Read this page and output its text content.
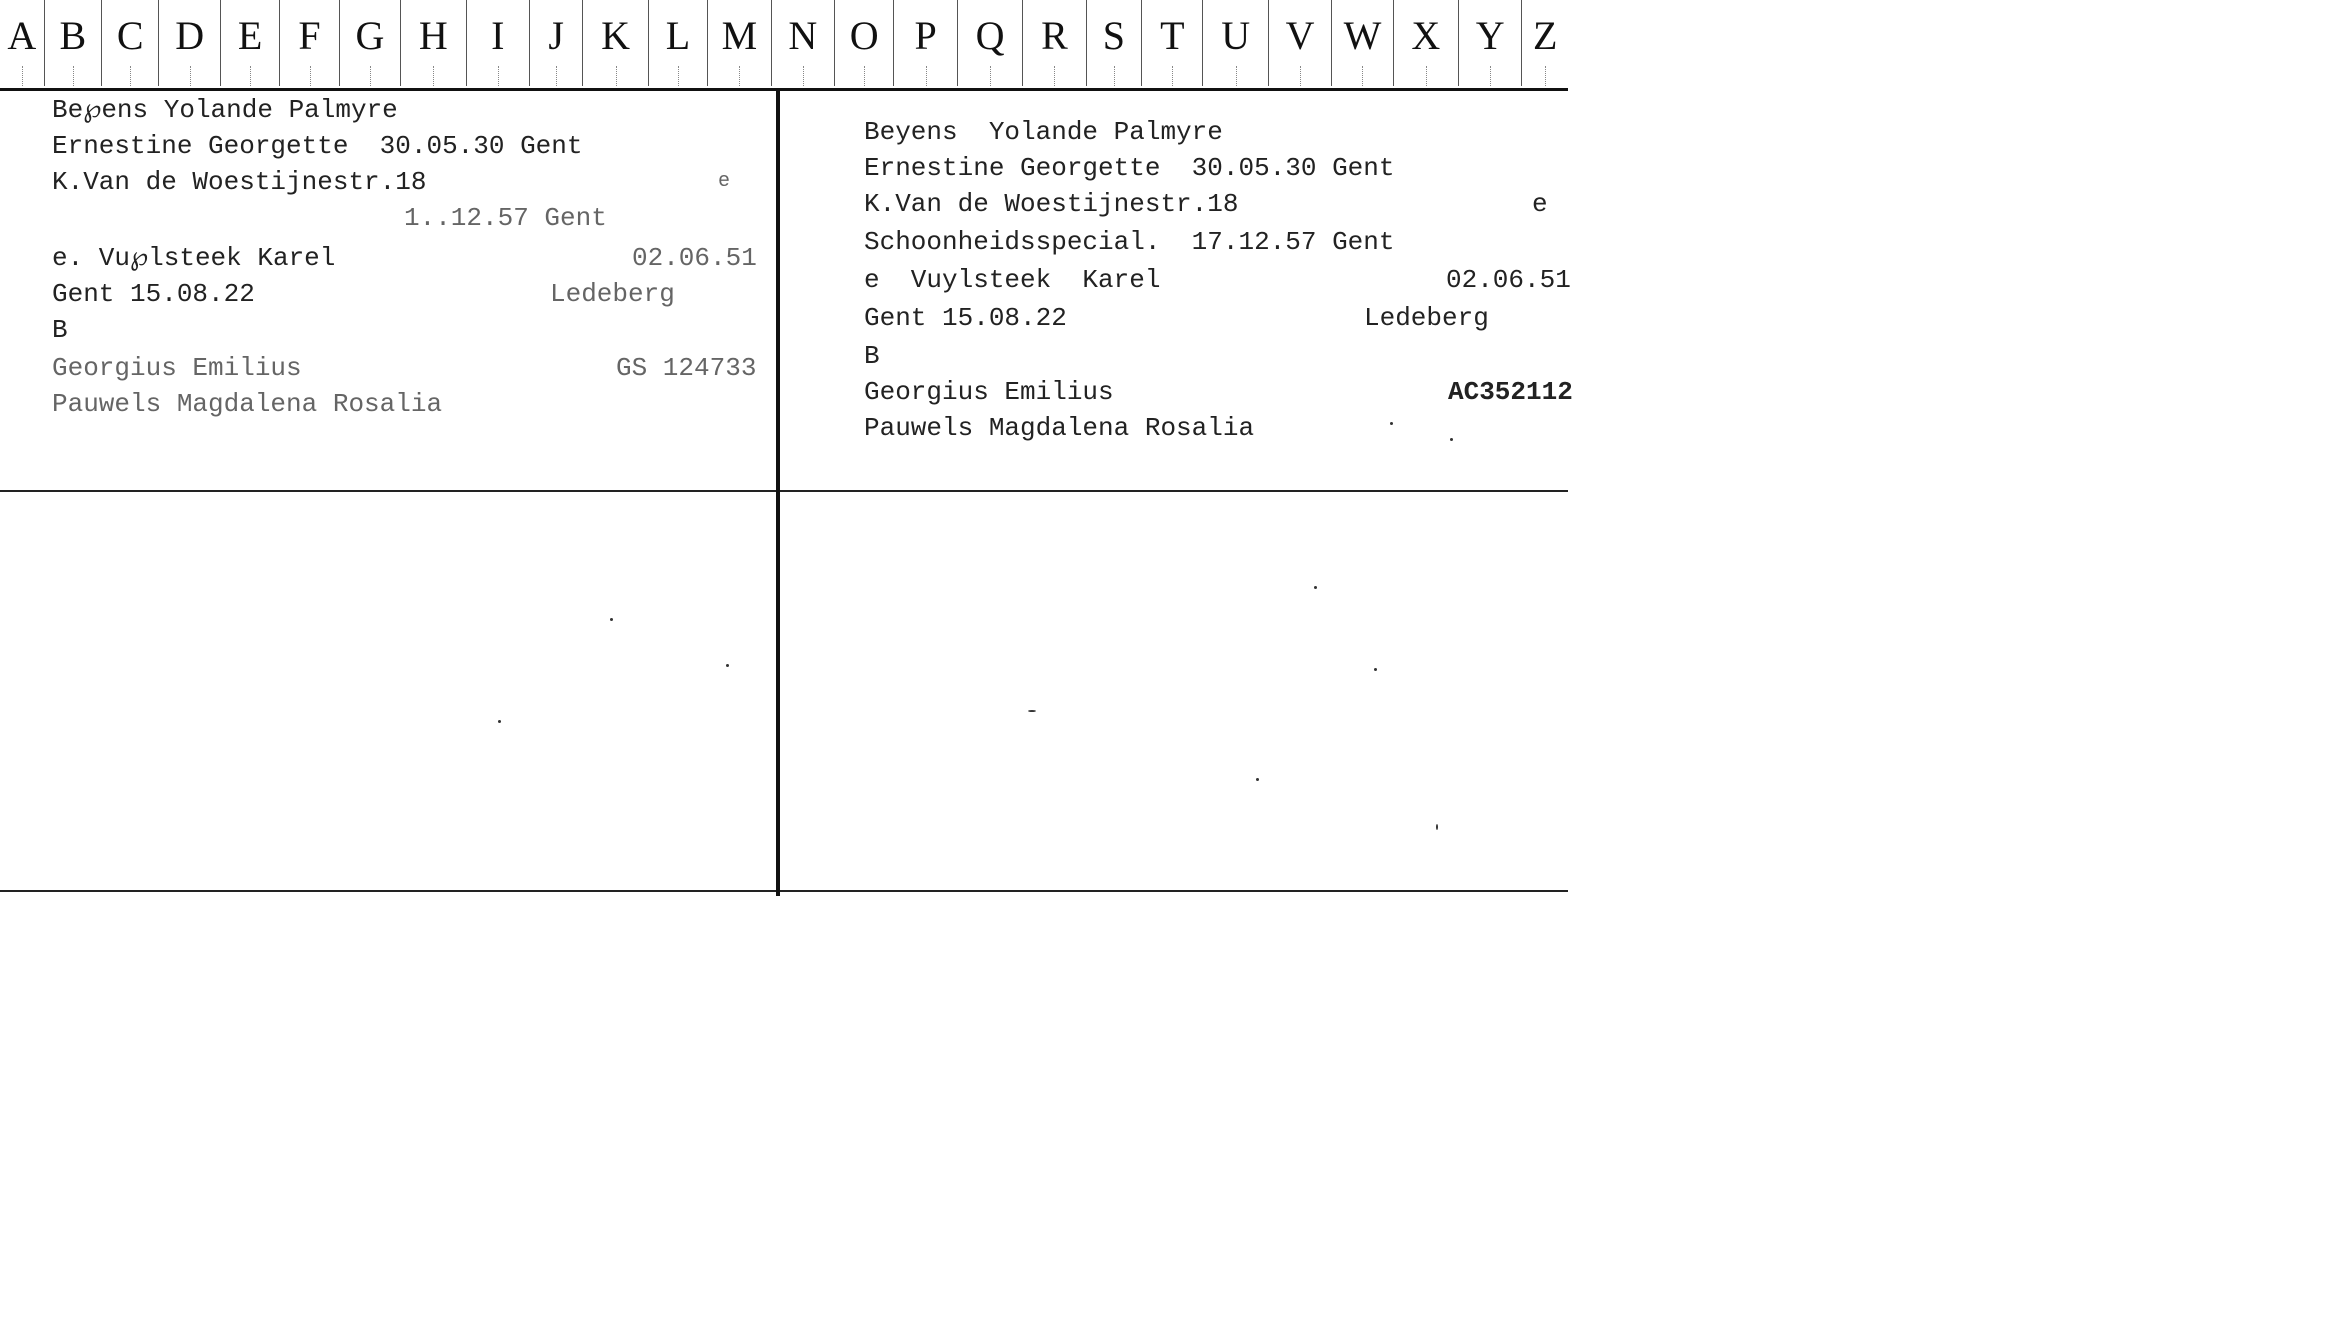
A B C D E F G H	I	J K L M N O P Q R S T U V W X Y Z

Be℘ens Yolande Palmyre

Ernestine Georgette  30.05.30 Gent

K.Van de Woestijnestr.18

	e

1..12.57 Gent

e. Vu℘lsteek Karel

	02.06.51

Gent 15.08.22

	Ledeberg

B

Georgius Emilius

	GS 124733

Pauwels Magdalena Rosalia

Beyens  Yolande Palmyre

Ernestine Georgette  30.05.30 Gent

K.Van de Woestijnestr.18

	e

Schoonheidsspecial.  17.12.57 Gent

e  Vuylsteek  Karel

	02.06.51

Gent 15.08.22

	Ledeberg

B

Georgius Emilius

	AC352112

Pauwels Magdalena Rosalia
